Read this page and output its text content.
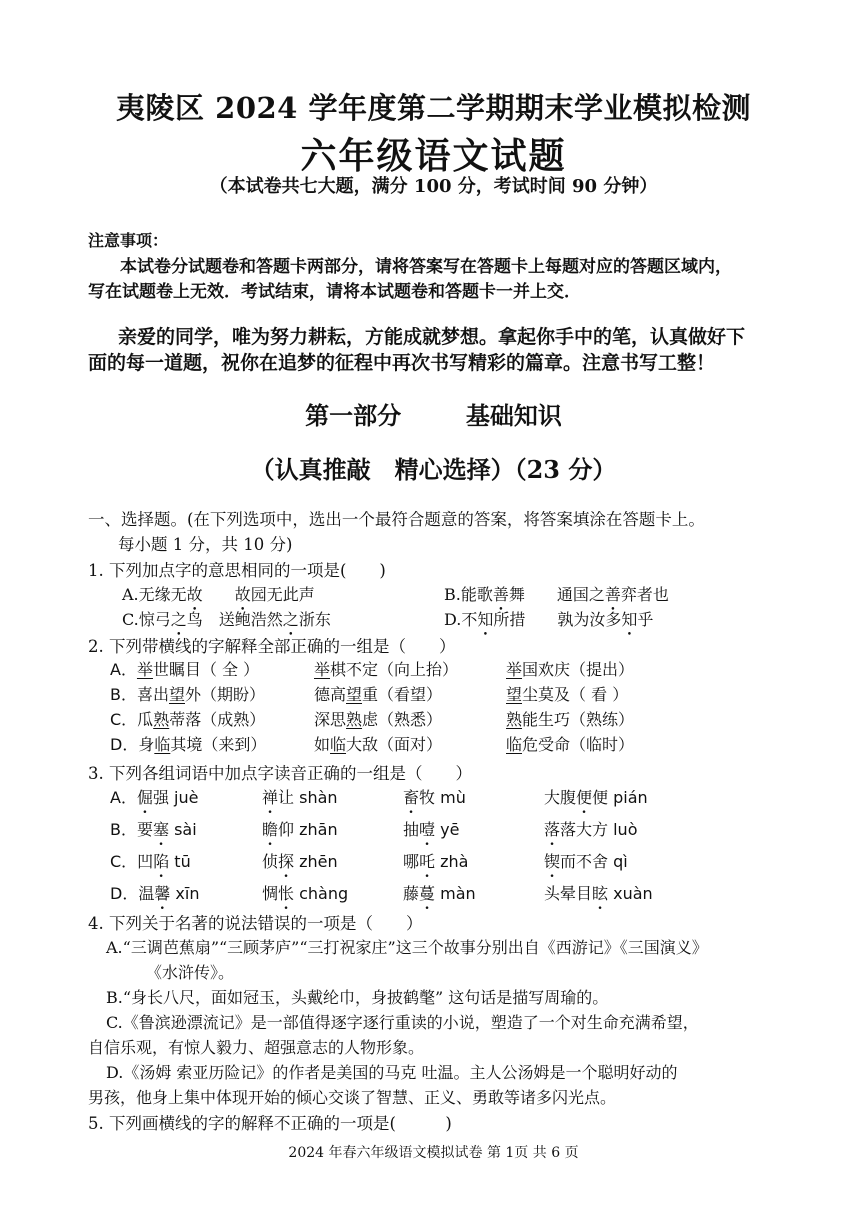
夷陵区 2024 学年度第二学期期末学业模拟检测
六年级语文试题
（本试卷共七大题，满分 100 分，考试时间 90 分钟）
注意事项：
本试卷分试题卷和答题卡两部分，请将答案写在答题卡上每题对应的答题区域内，
写在试题卷上无效．考试结束，请将本试题卷和答题卡一并上交．
亲爱的同学，唯为努力耕耘，方能成就梦想。拿起你手中的笔，认真做好下
面的每一道题，祝你在追梦的征程中再次书写精彩的篇章。注意书写工整！
第一部分	基础知识
（认真推敲　精心选择）（23 分）
一、选择题。(在下列选项中，选出一个最符合题意的答案，将答案填涂在答题卡上。
每小题 1 分，共 10 分)
1. 下列加点字的意思相同的一项是(　　)
A.无缘无故　　 故园无此声	B.能歌善舞　　通国之善弈者也
C.惊弓之鸟　送鲍浩然之浙东	D.不知所措　　孰为汝多知乎
2. 下列带横线的字解释全部正确的一组是（　　）
3. 下列各组词语中加点字读音正确的一组是（　　）
4. 下列关于名著的说法错误的一项是（　　）
A.“三调芭蕉扇”“三顾茅庐”“三打祝家庄”这三个故事分别出自《西游记》《三国演义》
《水浒传》。
B.“身长八尺，面如冠玉，头戴纶巾，身披鹤氅” 这句话是描写周瑜的。
C.《鲁滨逊漂流记》是一部值得逐字逐行重读的小说，塑造了一个对生命充满希望，
自信乐观，有惊人毅力、超强意志的人物形象。
D.《汤姆 索亚历险记》的作者是美国的马克 吐温。主人公汤姆是一个聪明好动的
男孩，他身上集中体现开始的倾心交谈了智慧、正义、勇敢等诸多闪光点。
5. 下列画横线的字的解释不正确的一项是(　　　)
2024 年春六年级语文模拟试卷 第 1页 共 6 页
A．举世瞩目（ 全 ）	举棋不定（向上抬）	举国欢庆（提出）
B．喜出望外（期盼）	德高望重（看望）	望尘莫及（ 看 ）
C．瓜熟蒂落（成熟）	深思熟虑（熟悉）	熟能生巧（熟练）
D．身临其境（来到）	如临大敌（面对）	临危受命（临时）
A．倔强 juè	禅让 shàn	畜牧 mù	大腹便便 pián
B．要塞 sài	瞻仰 zhān	抽噎 yē	落落大方 luò
C．凹陷 tū	侦探 zhēn	哪吒 zhà	锲而不舍 qì
D．温馨 xīn	惆怅 chàng	藤蔓 màn	头晕目眩 xuàn
